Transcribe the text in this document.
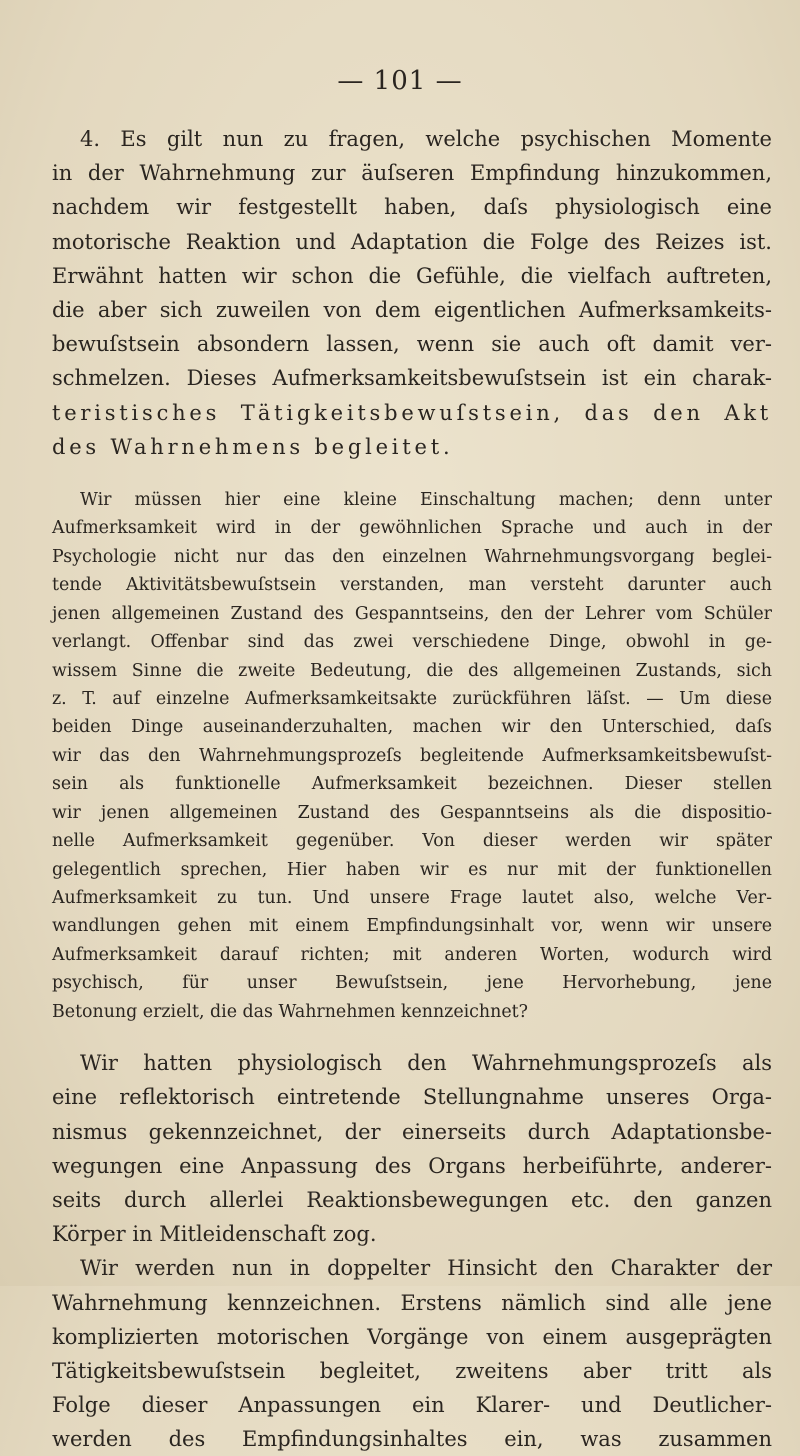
— 101 —
4. Es gilt nun zu fragen, welche psychischen Momente
in der Wahrnehmung zur äuſseren Empfindung hinzukommen,
nachdem wir festgestellt haben, daſs physiologisch eine
motorische Reaktion und Adaptation die Folge des Reizes ist.
Erwähnt hatten wir schon die Gefühle, die vielfach auftreten,
die aber sich zuweilen von dem eigentlichen Aufmerksamkeits-
bewuſstsein absondern lassen, wenn sie auch oft damit ver-
schmelzen. Dieses Aufmerksamkeitsbewuſstsein ist ein charak-
teristisches Tätigkeitsbewuſstsein, das den Akt
des Wahrnehmens begleitet.
Wir müssen hier eine kleine Einschaltung machen; denn unter
Aufmerksamkeit wird in der gewöhnlichen Sprache und auch in der
Psychologie nicht nur das den einzelnen Wahrnehmungsvorgang beglei-
tende Aktivitätsbewuſstsein verstanden, man versteht darunter auch
jenen allgemeinen Zustand des Gespanntseins, den der Lehrer vom Schüler
verlangt. Offenbar sind das zwei verschiedene Dinge, obwohl in ge-
wissem Sinne die zweite Bedeutung, die des allgemeinen Zustands, sich
z. T. auf einzelne Aufmerksamkeitsakte zurückführen läſst. — Um diese
beiden Dinge auseinanderzuhalten, machen wir den Unterschied, daſs
wir das den Wahrnehmungsprozeſs begleitende Aufmerksamkeitsbewuſst-
sein als funktionelle Aufmerksamkeit bezeichnen. Dieser stellen
wir jenen allgemeinen Zustand des Gespanntseins als die dispositio-
nelle Aufmerksamkeit gegenüber. Von dieser werden wir später
gelegentlich sprechen, Hier haben wir es nur mit der funktionellen
Aufmerksamkeit zu tun. Und unsere Frage lautet also, welche Ver-
wandlungen gehen mit einem Empfindungsinhalt vor, wenn wir unsere
Aufmerksamkeit darauf richten; mit anderen Worten, wodurch wird
psychisch, für unser Bewuſstsein, jene Hervorhebung, jene
Betonung erzielt, die das Wahrnehmen kennzeichnet?
Wir hatten physiologisch den Wahrnehmungsprozeſs als
eine reflektorisch eintretende Stellungnahme unseres Orga-
nismus gekennzeichnet, der einerseits durch Adaptationsbe-
wegungen eine Anpassung des Organs herbeiführte, anderer-
seits durch allerlei Reaktionsbewegungen etc. den ganzen
Körper in Mitleidenschaft zog.
Wir werden nun in doppelter Hinsicht den Charakter der
Wahrnehmung kennzeichnen. Erstens nämlich sind alle jene
komplizierten motorischen Vorgänge von einem ausgeprägten
Tätigkeitsbewuſstsein begleitet, zweitens aber tritt als
Folge dieser Anpassungen ein Klarer- und Deutlicher-
werden des Empfindungsinhaltes ein, was zusammen
